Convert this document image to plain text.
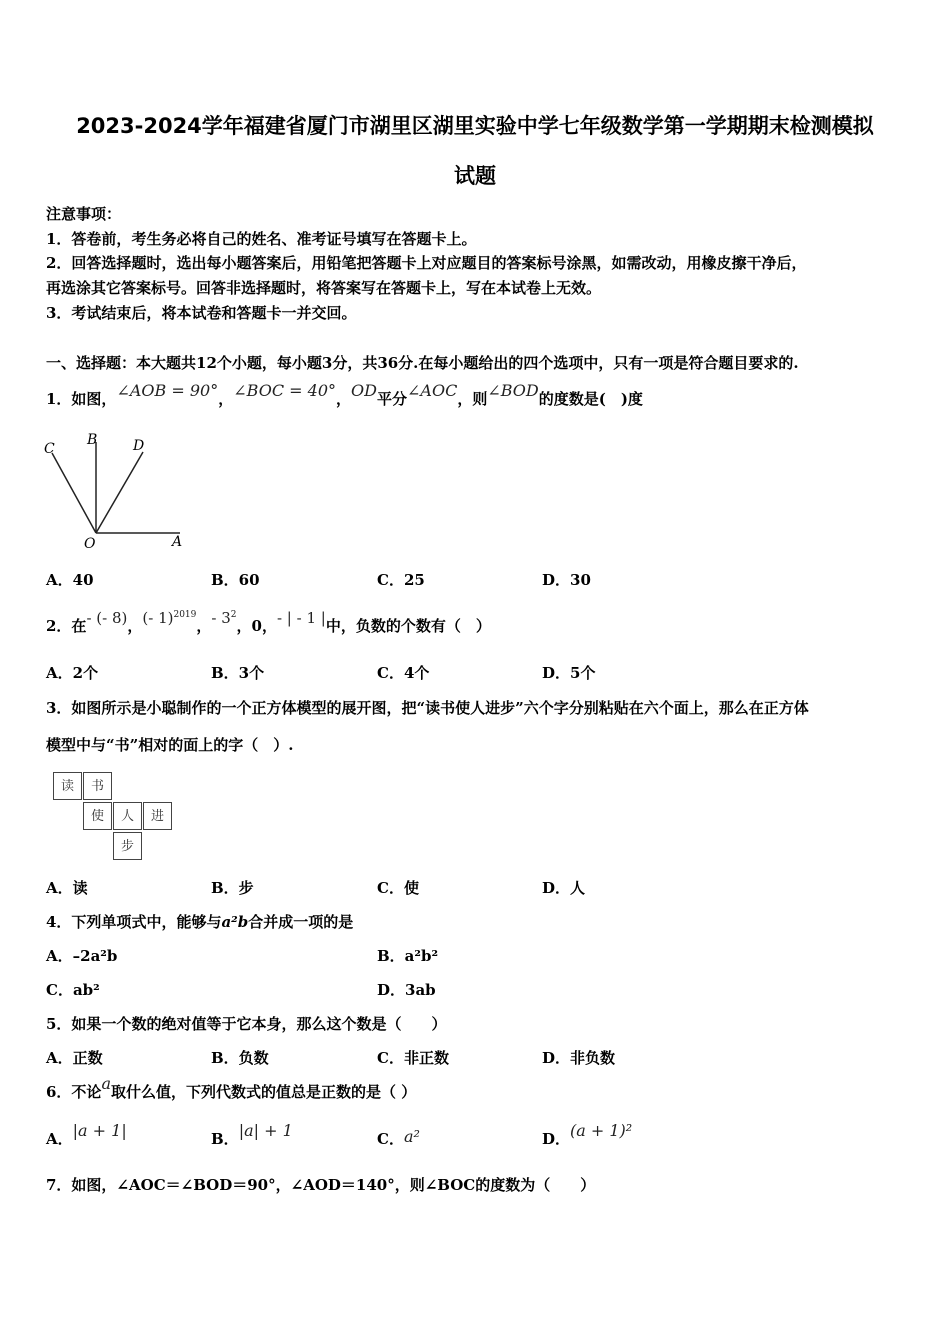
2023-2024学年福建省厦门市湖里区湖里实验中学七年级数学第一学期期末检测模拟
试题
注意事项：
1．答卷前，考生务必将自己的姓名、准考证号填写在答题卡上。
2．回答选择题时，选出每小题答案后，用铅笔把答题卡上对应题目的答案标号涂黑，如需改动，用橡皮擦干净后，
再选涂其它答案标号。回答非选择题时，将答案写在答题卡上，写在本试卷上无效。
3．考试结束后，将本试卷和答题卡一并交回。
一、选择题：本大题共12个小题，每小题3分，共36分.在每小题给出的四个选项中，只有一项是符合题目要求的.
1．如图，∠AOB = 90°，∠BOC = 40°，OD平分∠AOC，则∠BOD的度数是(　)度
C
B	D
O	A
A．40	B．60	C．25	D．30
2．在- (- 8)，(- 1)$^{2019}$，- $3^2$，0，- | - 1 |中，负数的个数有（　）
A．2个	B．3个	C．4个	D．5个
3．如图所示是小聪制作的一个正方体模型的展开图，把“读书使人进步”六个字分别粘贴在六个面上，那么在正方体
模型中与“书”相对的面上的字（　）.
读	书
使	人	进
步
A．读	B．步	C．使	D．人
4．下列单项式中，能够与a²b合并成一项的是
A．–2a²b	B．a²b²
C．ab²	D．3ab
5．如果一个数的绝对值等于它本身，那么这个数是（　　）
A．正数	B．负数	C．非正数	D．非负数
6．不论a取什么值，下列代数式的值总是正数的是（ ）
A．|a + 1|	B．|a| + 1	C．a²	D．(a + 1)²
7．如图，∠AOC＝∠BOD＝90°，∠AOD＝140°，则∠BOC的度数为（　　）
